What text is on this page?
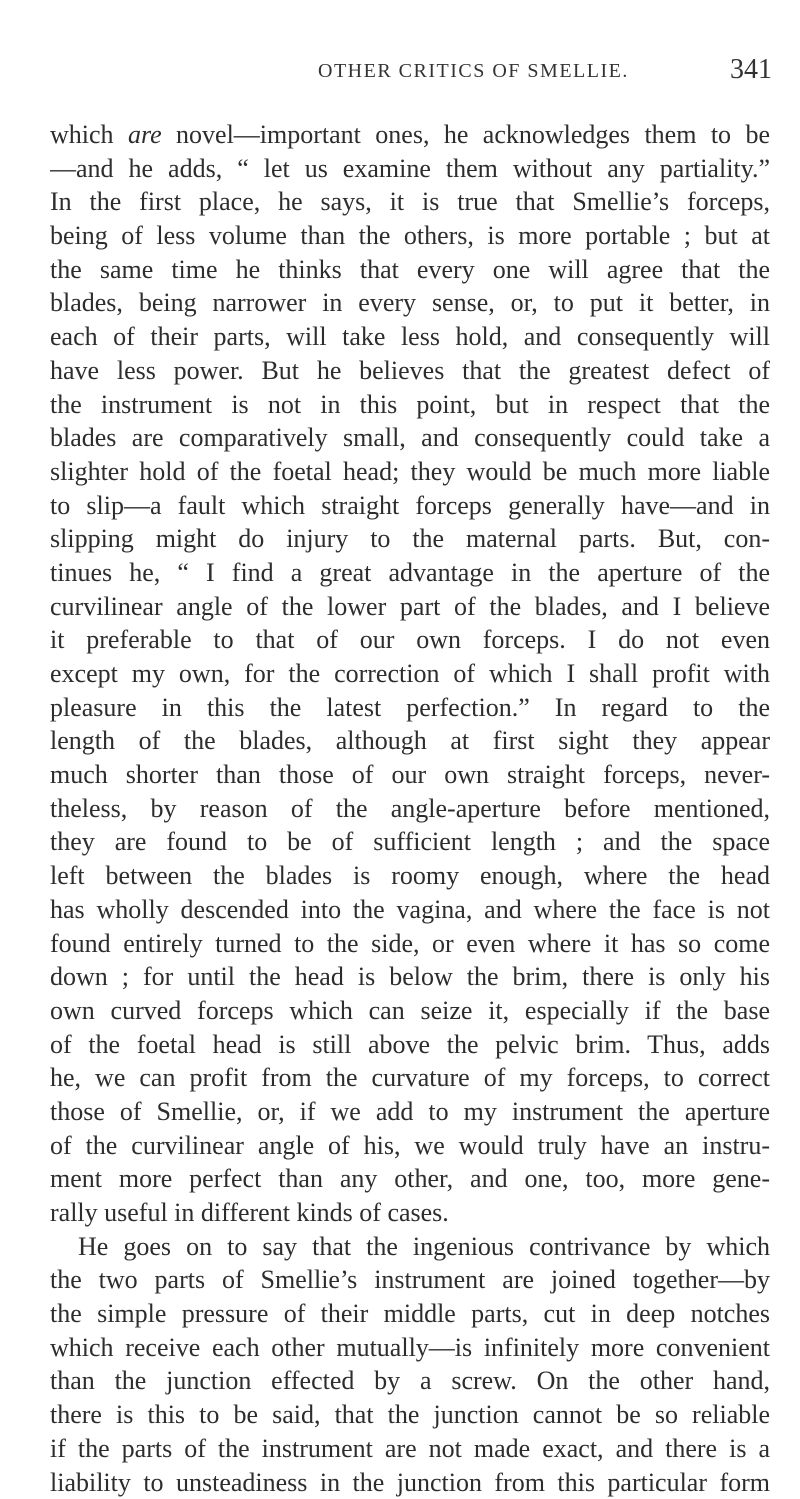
OTHER CRITICS OF SMELLIE.	341
which are novel—important ones, he acknowledges them to be
—and he adds, “ let us examine them without any partiality.”
In the first place, he says, it is true that Smellie’s forceps,
being of less volume than the others, is more portable ; but at
the same time he thinks that every one will agree that the
blades, being narrower in every sense, or, to put it better, in
each of their parts, will take less hold, and consequently will
have less power. But he believes that the greatest defect of
the instrument is not in this point, but in respect that the
blades are comparatively small, and consequently could take a
slighter hold of the foetal head; they would be much more liable
to slip—a fault which straight forceps generally have—and in
slipping might do injury to the maternal parts. But, con-
tinues he, “ I find a great advantage in the aperture of the
curvilinear angle of the lower part of the blades, and I believe
it preferable to that of our own forceps. I do not even
except my own, for the correction of which I shall profit with
pleasure in this the latest perfection.” In regard to the
length of the blades, although at first sight they appear
much shorter than those of our own straight forceps, never-
theless, by reason of the angle-aperture before mentioned,
they are found to be of sufficient length ; and the space
left between the blades is roomy enough, where the head
has wholly descended into the vagina, and where the face is not
found entirely turned to the side, or even where it has so come
down ; for until the head is below the brim, there is only his
own curved forceps which can seize it, especially if the base
of the foetal head is still above the pelvic brim. Thus, adds
he, we can profit from the curvature of my forceps, to correct
those of Smellie, or, if we add to my instrument the aperture
of the curvilinear angle of his, we would truly have an instru-
ment more perfect than any other, and one, too, more gene-
rally useful in different kinds of cases.
He goes on to say that the ingenious contrivance by which
the two parts of Smellie’s instrument are joined together—by
the simple pressure of their middle parts, cut in deep notches
which receive each other mutually—is infinitely more convenient
than the junction effected by a screw. On the other hand,
there is this to be said, that the junction cannot be so reliable
if the parts of the instrument are not made exact, and there is a
liability to unsteadiness in the junction from this particular form
